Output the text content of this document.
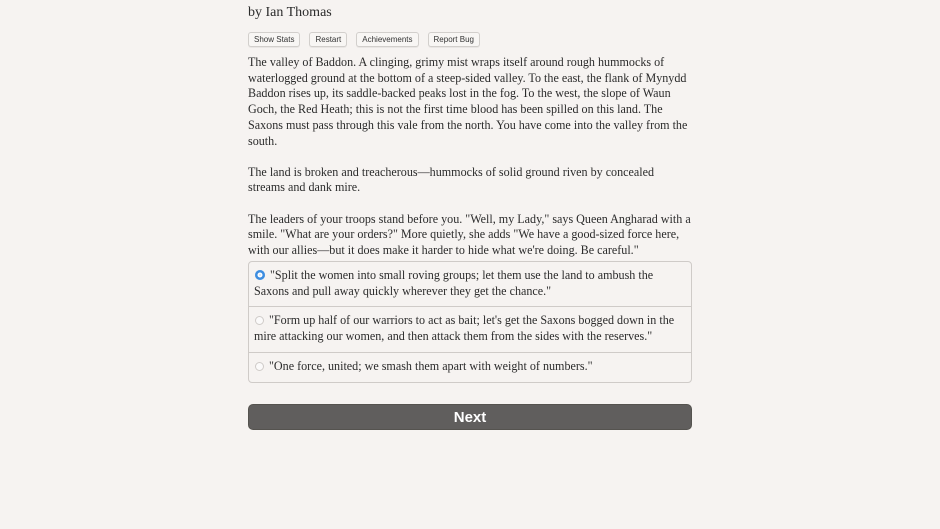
by Ian Thomas
Show Stats	Restart	Achievements	Report Bug

The valley of Baddon. A clinging, grimy mist wraps itself around rough hummocks of waterlogged ground at the bottom of a steep-sided valley. To the east, the flank of Mynydd Baddon rises up, its saddle-backed peaks lost in the fog. To the west, the slope of Waun Goch, the Red Heath; this is not the first time blood has been spilled on this land. The Saxons must pass through this vale from the north. You have come into the valley from the south.

The land is broken and treacherous—hummocks of solid ground riven by concealed streams and dank mire.

The leaders of your troops stand before you. "Well, my Lady," says Queen Angharad with a smile. "What are your orders?" More quietly, she adds "We have a good-sized force here, with our allies—but it does make it harder to hide what we're doing. Be careful."

"Split the women into small roving groups; let them use the land to ambush the Saxons and pull away quickly wherever they get the chance."
"Form up half of our warriors to act as bait; let's get the Saxons bogged down in the mire attacking our women, and then attack them from the sides with the reserves."
"One force, united; we smash them apart with weight of numbers."
Next
